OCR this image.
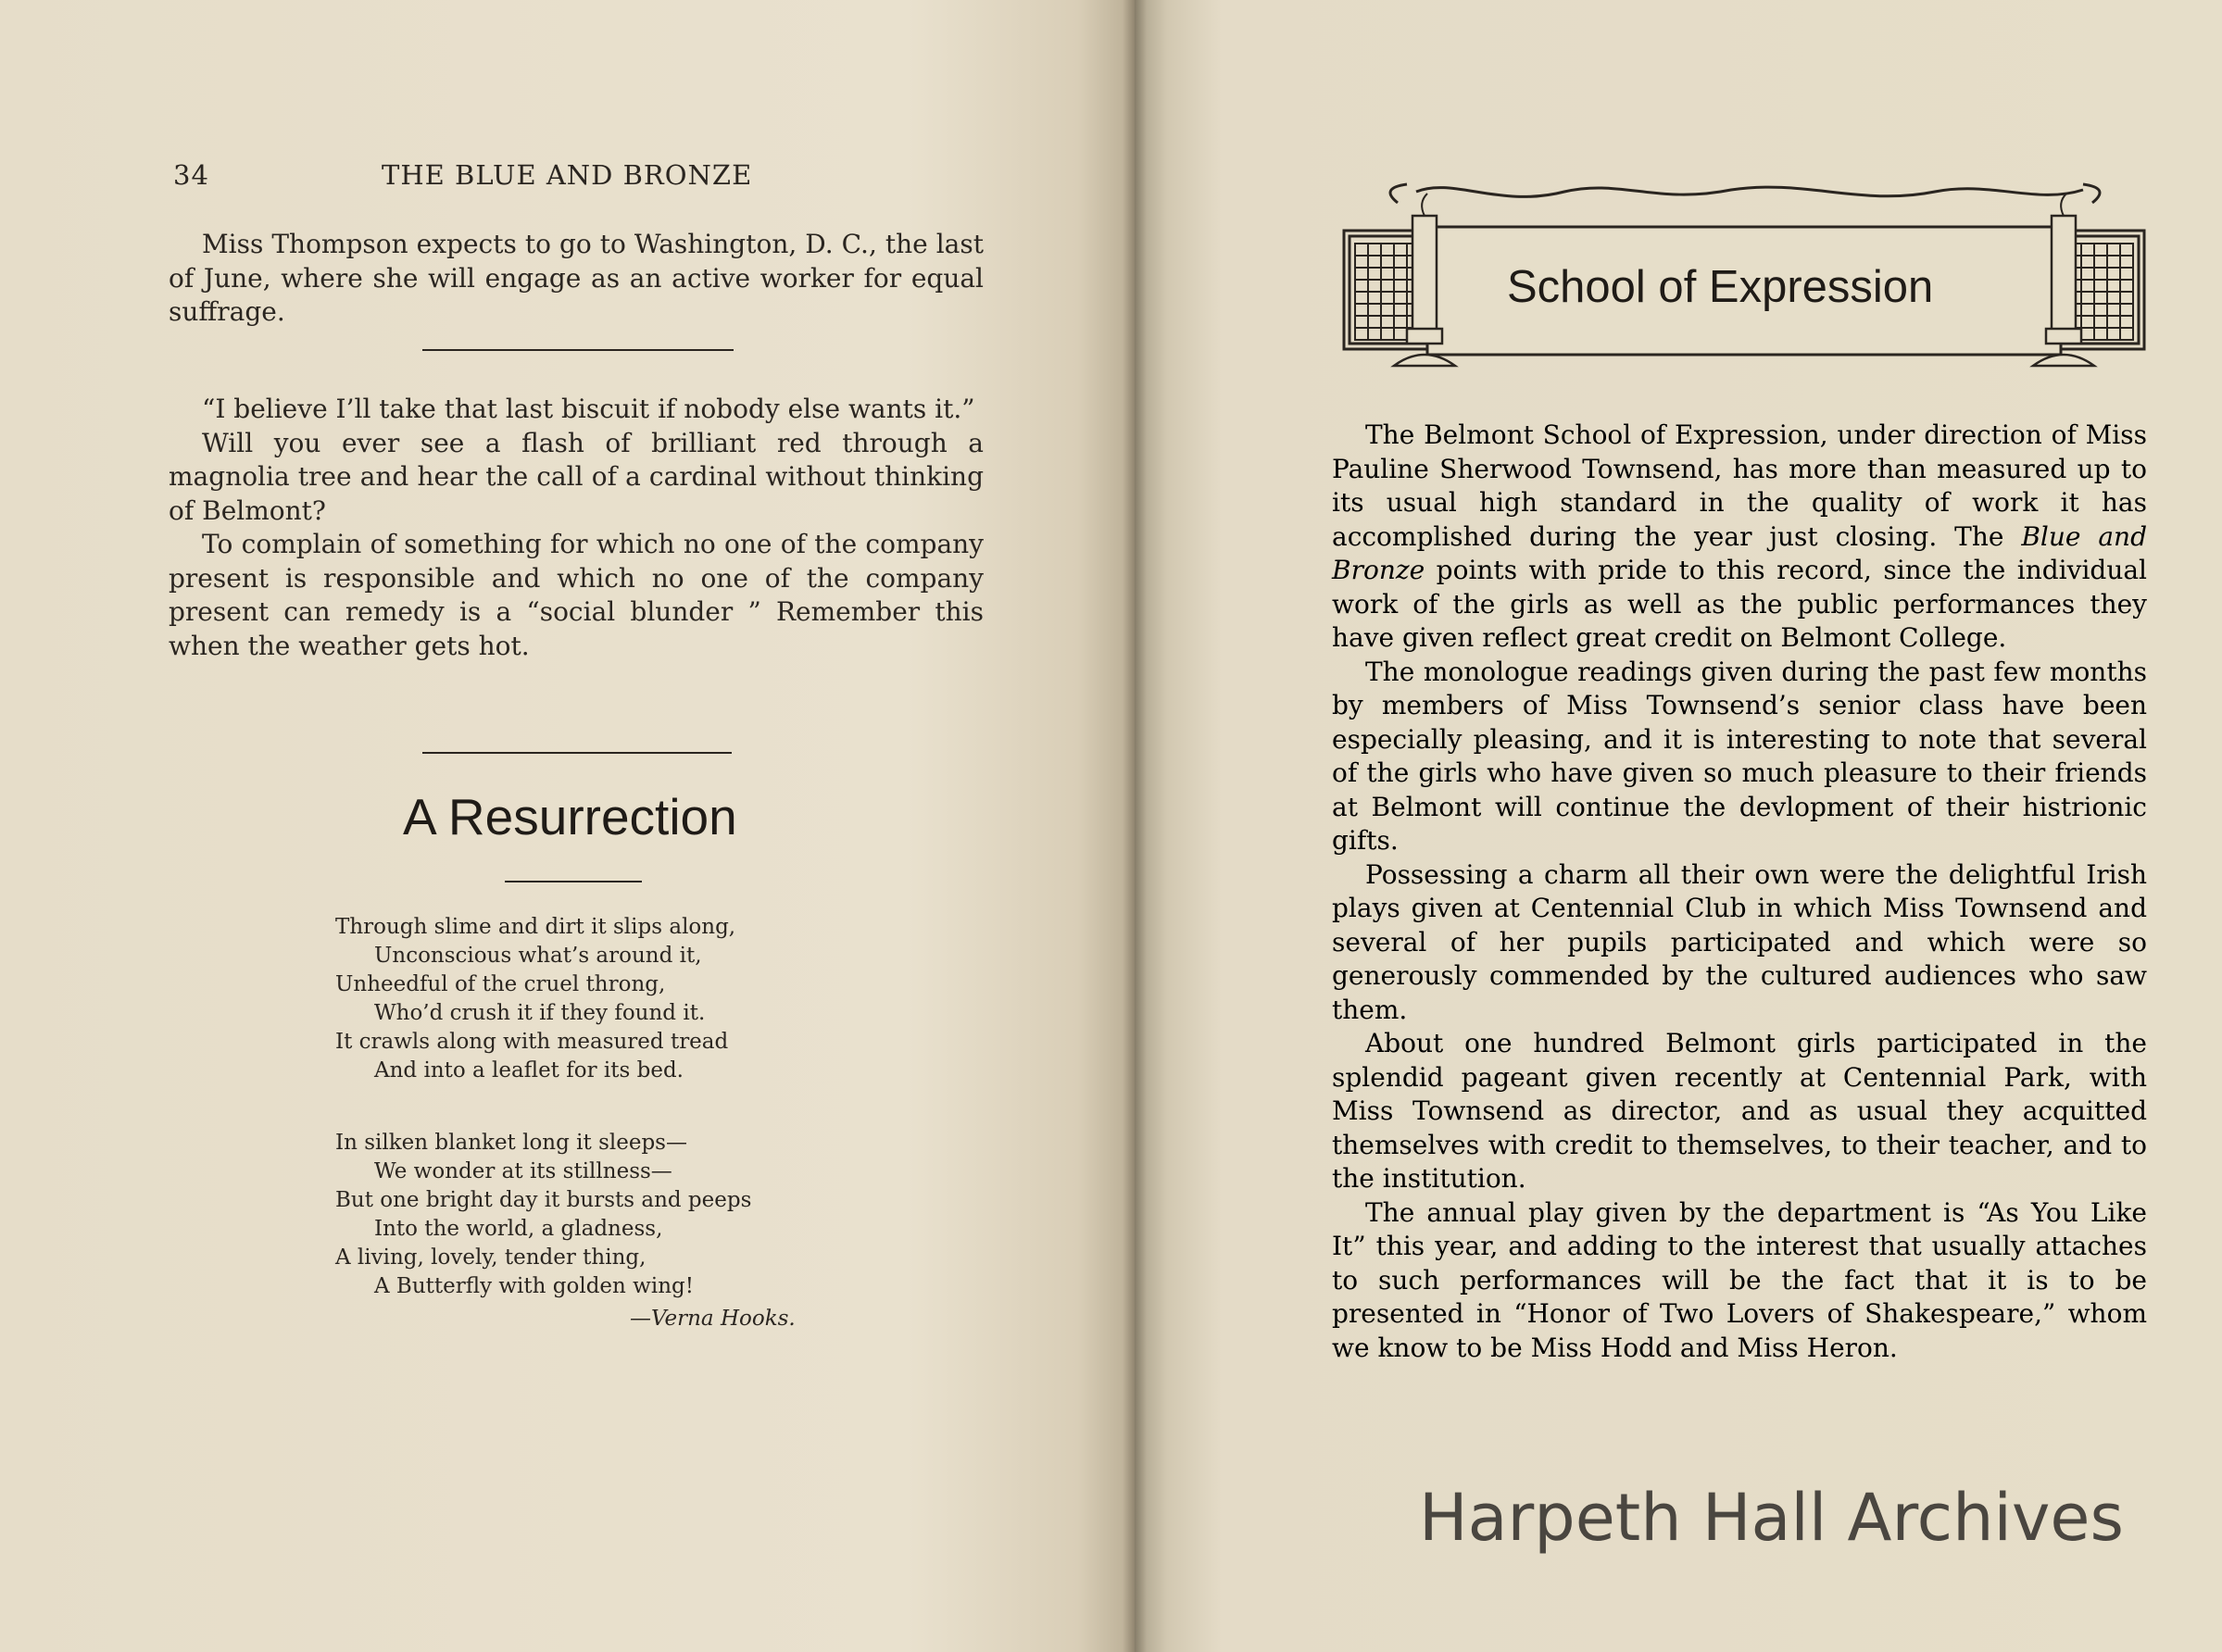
34	THE BLUE AND BRONZE

Miss Thompson expects to go to Washington, D. C., the last of June, where she will engage as an active worker for equal suffrage.

“I believe I’ll take that last biscuit if nobody else wants it.”

Will you ever see a flash of brilliant red through a magnolia tree and hear the call of a cardinal without thinking of Belmont?

To complain of something for which no one of the company present is responsible and which no one of the company present can remedy is a “social blunder ” Remember this when the weather gets hot.

A Resurrection
Through slime and dirt it slips along,
Unconscious what’s around it,
Unheedful of the cruel throng,
Who’d crush it if they found it.
It crawls along with measured tread
And into a leaflet for its bed.
In silken blanket long it sleeps—
We wonder at its stillness—
But one bright day it bursts and peeps
Into the world, a gladness,
A living, lovely, tender thing,
A Butterfly with golden wing!
—Verna Hooks.
School of Expression

The Belmont School of Expression, under direction of Miss Pauline Sherwood Townsend, has more than measured up to its usual high standard in the quality of work it has accomplished during the year just closing. The Blue and Bronze points with pride to this record, since the individual work of the girls as well as the public performances they have given reflect great credit on Belmont College.

The monologue readings given during the past few months by members of Miss Townsend’s senior class have been especially pleasing, and it is interesting to note that several of the girls who have given so much pleasure to their friends at Belmont will continue the devlopment of their histrionic gifts.

Possessing a charm all their own were the delightful Irish plays given at Centennial Club in which Miss Townsend and several of her pupils participated and which were so generously commended by the cultured audiences who saw them.

About one hundred Belmont girls participated in the splendid pageant given recently at Centennial Park, with Miss Townsend as director, and as usual they acquitted themselves with credit to themselves, to their teacher, and to the institution.

The annual play given by the department is “As You Like It” this year, and adding to the interest that usually attaches to such performances will be the fact that it is to be presented in “Honor of Two Lovers of Shakespeare,” whom we know to be Miss Hodd and Miss Heron.

Harpeth Hall Archives
